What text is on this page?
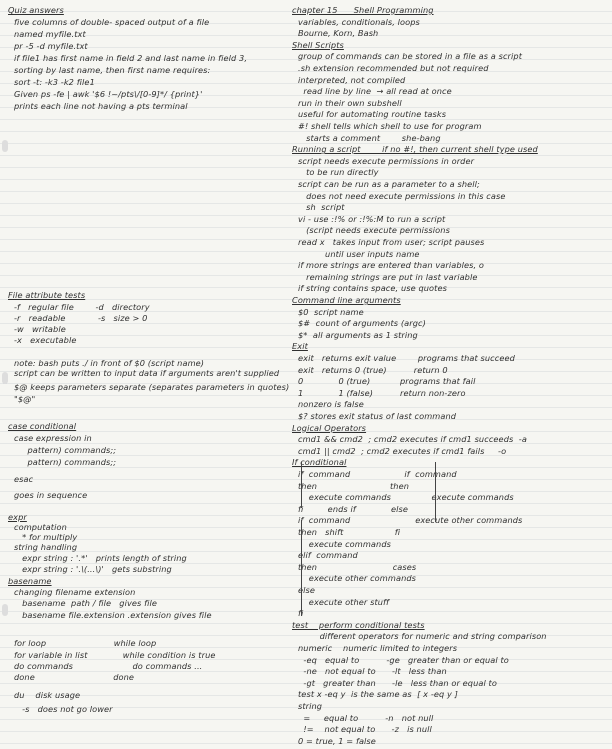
Quiz answers
five columns of double- spaced output of a file
named myfile.txt
pr -5 -d myfile.txt
if file1 has first name in field 2 and last name in field 3,
sorting by last name, then first name requires:
sort -t: -k3 -k2 file1
Given ps -fe | awk '$6 !~/pts\/[0-9]*/ {print}'
prints each line not having a pts terminal
File attribute tests
-f   regular file        -d   directory
-r   readable            -s   size > 0
-w   writable
-x   executable
note: bash puts ./ in front of $0 (script name)
script can be written to input data if arguments aren't supplied
$@ keeps parameters separate (separates parameters in quotes)
"$@"
case conditional
case expression in
pattern) commands;;
pattern) commands;;
esac
goes in sequence
expr
computation
* for multiply
string handling
expr string : '.*'   prints length of string
expr string : '.\(...\)'   gets substring
basename
changing filename extension
basename  path / file   gives file
basename file.extension .extension gives file
for loop                         while loop
for variable in list             while condition is true
do commands                      do commands ...
done                             done
du    disk usage
-s   does not go lower
chapter 15      Shell Programming
variables, conditionals, loops
Bourne, Korn, Bash
Shell Scripts
group of commands can be stored in a file as a script
.sh extension recommended but not required
interpreted, not compiled
read line by line  → all read at once
run in their own subshell
useful for automating routine tasks
#! shell tells which shell to use for program
starts a comment        she-bang
Running a script        if no #!, then current shell type used
script needs execute permissions in order
to be run directly
script can be run as a parameter to a shell;
does not need execute permissions in this case
sh  script
vi - use :!% or :!%:M to run a script
(script needs execute permissions
read x   takes input from user; script pauses
until user inputs name
if more strings are entered than variables, o
remaining strings are put in last variable
if string contains space, use quotes
Command line arguments
$0  script name
$#  count of arguments (argc)
$*  all arguments as 1 string
Exit
exit   returns exit value        programs that succeed
exit   returns 0 (true)          return 0
0             0 (true)           programs that fail
1             1 (false)          return non-zero
nonzero is false
$? stores exit status of last command
Logical Operators
cmd1 && cmd2  ; cmd2 executes if cmd1 succeeds  -a
cmd1 || cmd2  ; cmd2 executes if cmd1 fails     -o
If conditional
if  command                    if  command
then                           then
execute commands               execute commands
fi         ends if             else
if  command                        execute other commands
then   shift                   fi
execute commands
elif  command
then                            cases
execute other commands
else
execute other stuff
fi
test    perform conditional tests
different operators for numeric and string comparison
numeric    numeric limited to integers
-eq   equal to          -ge   greater than or equal to
-ne   not equal to      -lt   less than
-gt   greater than      -le   less than or equal to
test x -eq y  is the same as  [ x -eq y ]
string
=     equal to          -n   not null
!=    not equal to      -z   is null
0 = true, 1 = false
